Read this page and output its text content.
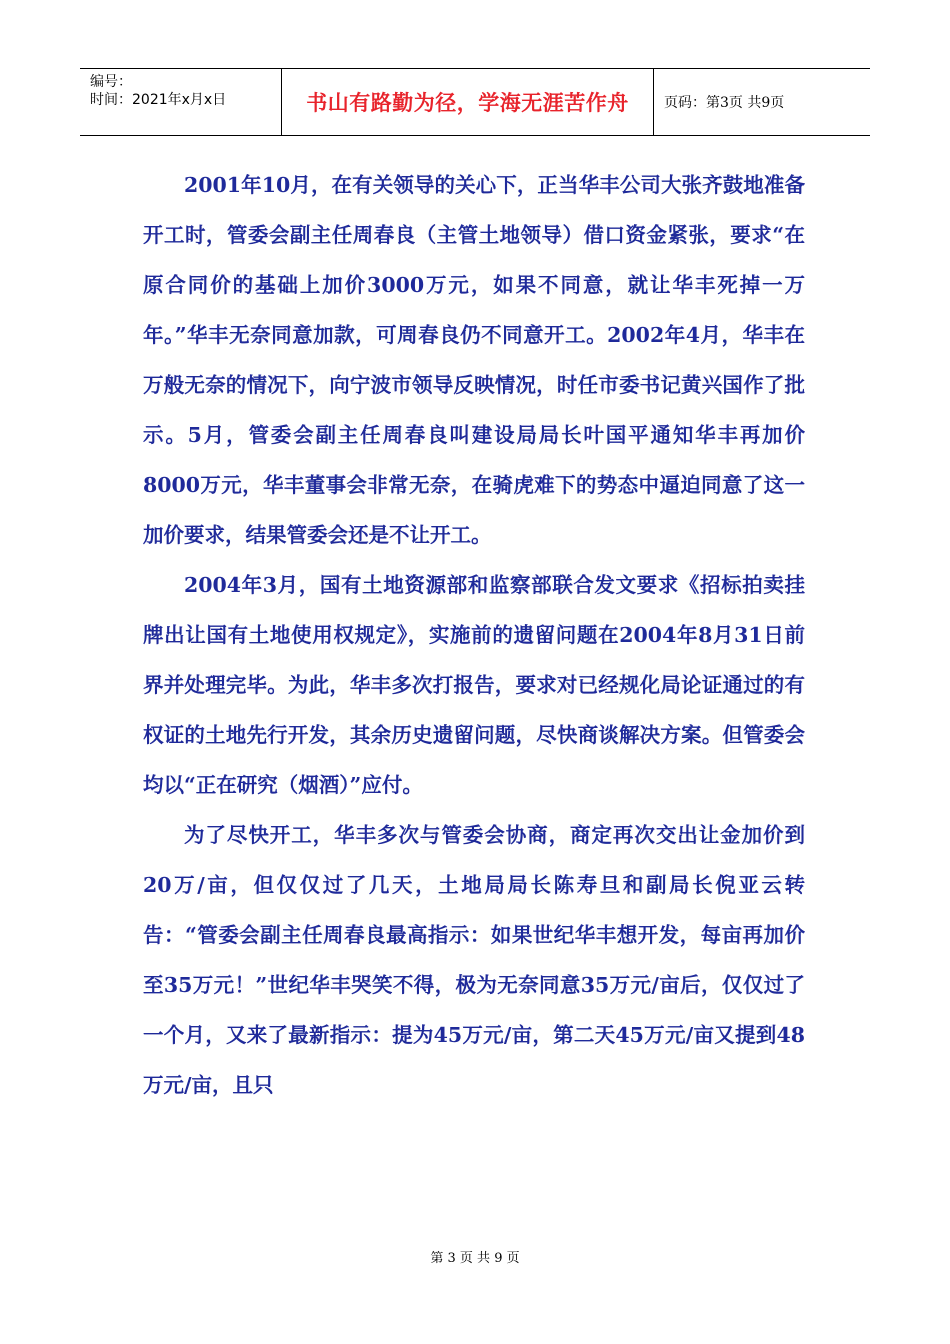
编号：
时间：2021年x月x日	书山有路勤为径，学海无涯苦作舟	页码：第3页 共9页

2001年10月，在有关领导的关心下，正当华丰公司大张齐鼓地准备开工时，管委会副主任周春良（主管土地领导）借口资金紧张，要求“在原合同价的基础上加价3000万元，如果不同意，就让华丰死掉一万年。”华丰无奈同意加款，可周春良仍不同意开工。2002年4月，华丰在万般无奈的情况下，向宁波市领导反映情况，时任市委书记黄兴国作了批示。5月，管委会副主任周春良叫建设局局长叶国平通知华丰再加价8000万元，华丰董事会非常无奈，在骑虎难下的势态中逼迫同意了这一加价要求，结果管委会还是不让开工。

2004年3月，国有土地资源部和监察部联合发文要求《招标拍卖挂牌出让国有土地使用权规定》，实施前的遗留问题在2004年8月31日前界并处理完毕。为此，华丰多次打报告，要求对已经规化局论证通过的有权证的土地先行开发，其余历史遗留问题，尽快商谈解决方案。但管委会均以“正在研究（烟酒）”应付。

为了尽快开工，华丰多次与管委会协商，商定再次交出让金加价到20万/亩，但仅仅过了几天，土地局局长陈寿旦和副局长倪亚云转告：“管委会副主任周春良最高指示：如果世纪华丰想开发，每亩再加价至35万元！”世纪华丰哭笑不得，极为无奈同意35万元/亩后，仅仅过了一个月，又来了最新指示：提为45万元/亩，第二天45万元/亩又提到48万元/亩，且只

第 3 页 共 9 页
